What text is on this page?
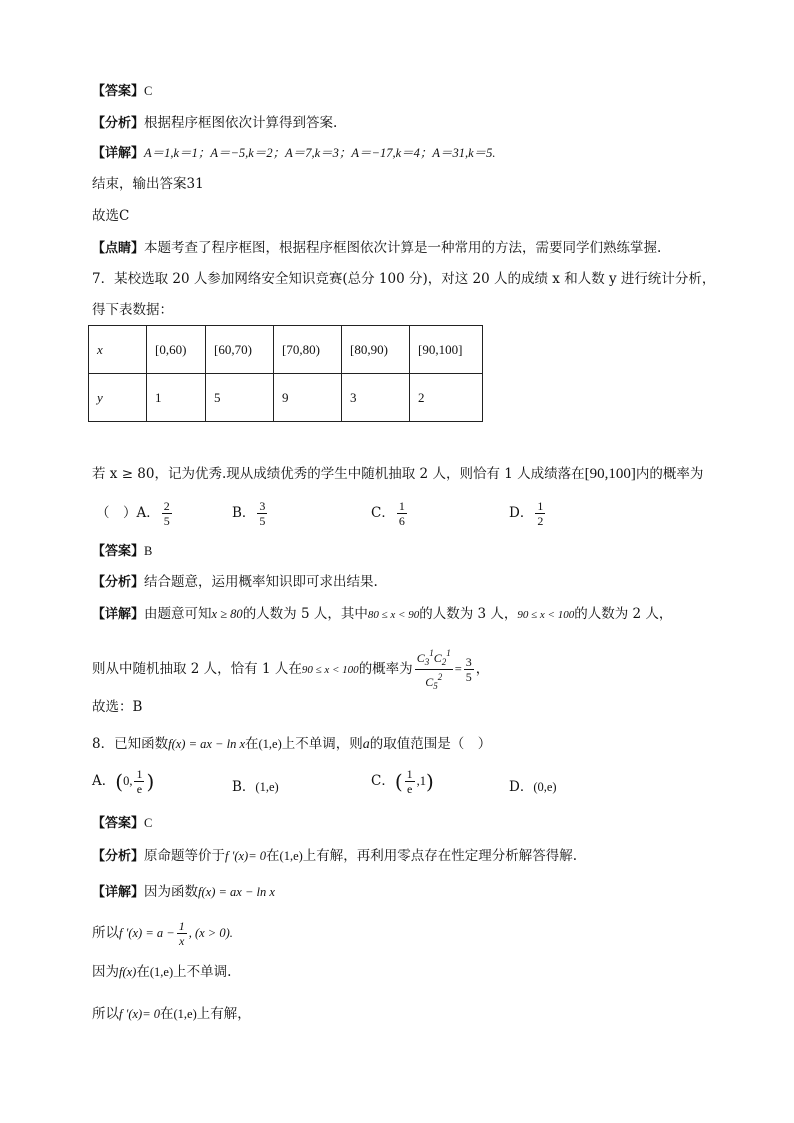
【答案】C
【分析】根据程序框图依次计算得到答案.
【详解】A＝1,k＝1；A＝−5,k＝2；A＝7,k＝3；A＝−17,k＝4；A＝31,k＝5.
结束，输出答案31
故选C
【点睛】本题考查了程序框图，根据程序框图依次计算是一种常用的方法，需要同学们熟练掌握.
7．某校选取 20 人参加网络安全知识竞赛(总分 100 分)，对这 20 人的成绩 x 和人数 y 进行统计分析，
得下表数据：
x	[0,60)	[60,70)	[70,80)	[80,90)	[90,100]
y	1	5	9	3	2
若 x ≥ 80，记为优秀.现从成绩优秀的学生中随机抽取 2 人，则恰有 1 人成绩落在[90,100]内的概率为
（　）A． $\frac{2}{5}$	B． $\frac{3}{5}$	C． $\frac{1}{6}$	D． $\frac{1}{2}$
【答案】B
【分析】结合题意，运用概率知识即可求出结果.
【详解】由题意可知x ≥ 80的人数为 5 人，其中80 ≤ x < 90的人数为 3 人，90 ≤ x < 100的人数为 2 人，
则从中随机抽取 2 人，恰有 1 人在90 ≤ x < 100的概率为 $\frac{C_3^1C_2^1}{C_5^2} = \frac{3}{5}$ ，
故选：B
8．已知函数f(x) = ax − ln x在(1,e)上不单调，则a的取值范围是（　）
A．(0, $\frac{1}{e}$ )	B．(1,e)	C．( $\frac{1}{e} ,1$)	D．(0,e)
【答案】C
【分析】原命题等价于f ′(x)= 0在(1,e)上有解，再利用零点存在性定理分析解答得解.
【详解】因为函数f(x) = ax − ln x
所以f $'(x) = a - \frac{1}{x}$ , (x > 0).
因为f(x)在(1,e)上不单调.
所以f ′(x)= 0在(1,e)上有解，
